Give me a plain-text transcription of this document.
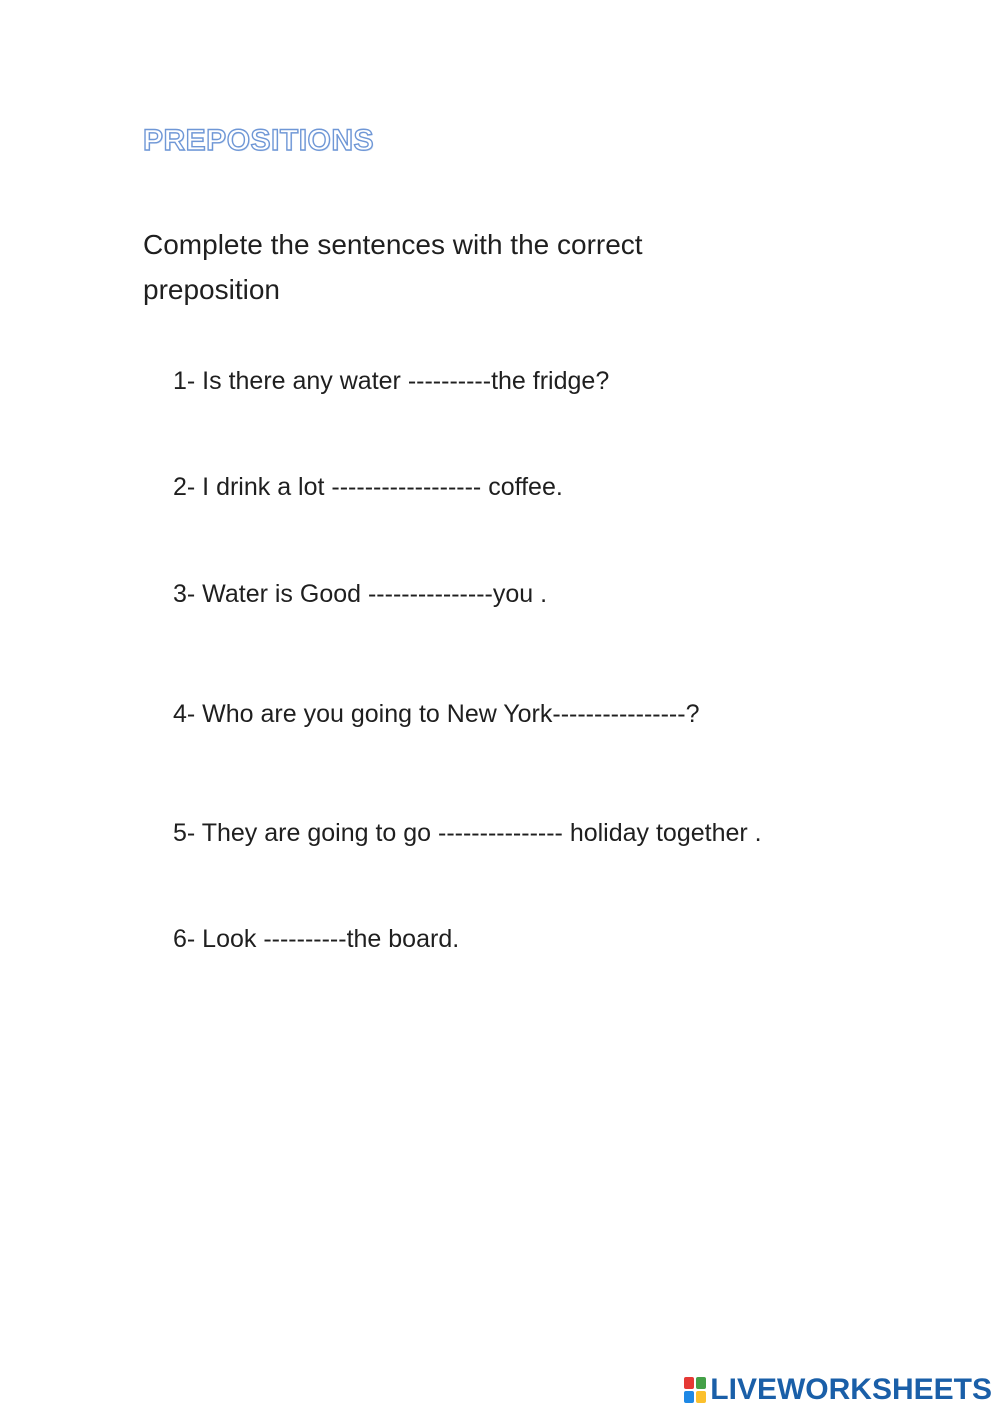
PREPOSITIONS

Complete the sentences with the correct preposition

1- Is there any water ----------the fridge?

2- I drink a lot ------------------ coffee.

3- Water is Good ---------------you .

4- Who are you going to New York----------------?

5- They are going to go --------------- holiday together .

6- Look ----------the board.

LIVEWORKSHEETS
